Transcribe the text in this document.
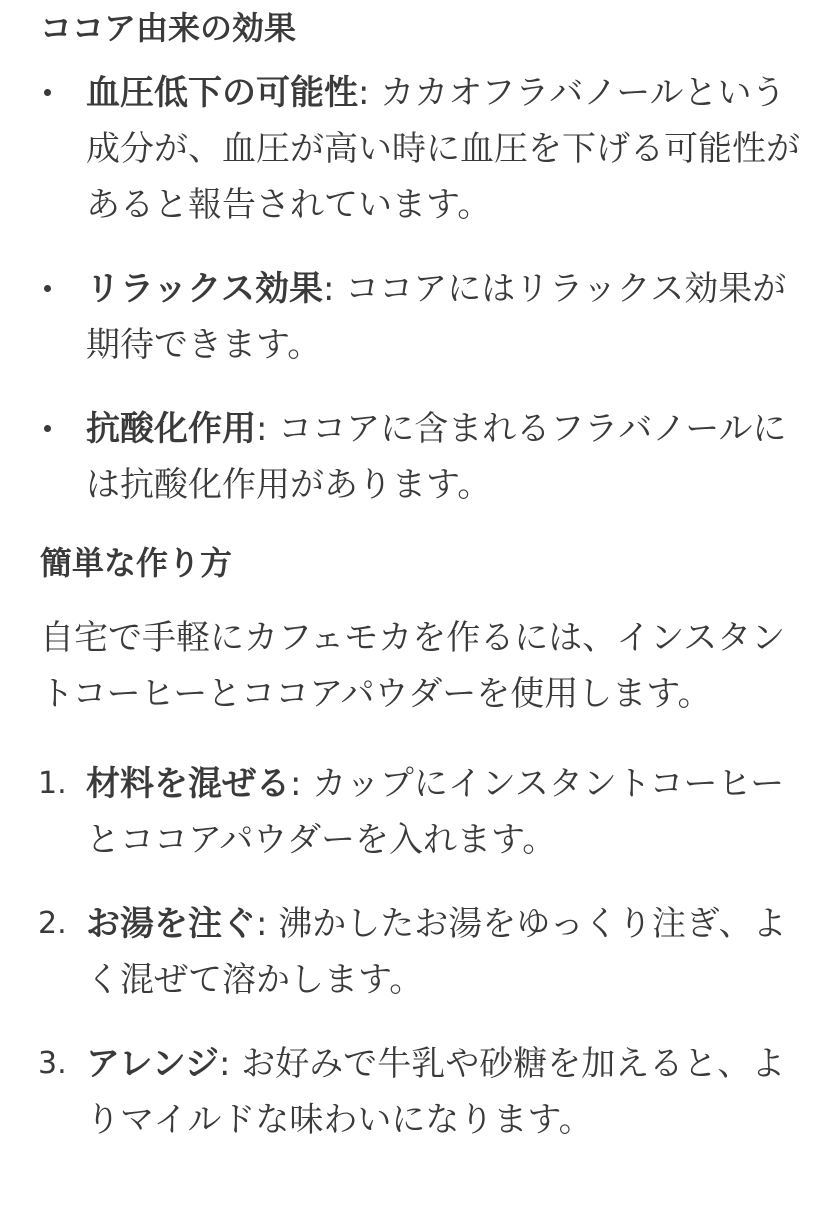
ココア由来の効果
血圧低下の可能性: カカオフラバノールという成分が、血圧が高い時に血圧を下げる可能性があると報告されています。
リラックス効果: ココアにはリラックス効果が期待できます。
抗酸化作用: ココアに含まれるフラバノールには抗酸化作用があります。
簡単な作り方

自宅で手軽にカフェモカを作るには、インスタントコーヒーとココアパウダーを使用します。

1. 材料を混ぜる: カップにインスタントコーヒーとココアパウダーを入れます。
2. お湯を注ぐ: 沸かしたお湯をゆっくり注ぎ、よく混ぜて溶かします。
3. アレンジ: お好みで牛乳や砂糖を加えると、よりマイルドな味わいになります。
